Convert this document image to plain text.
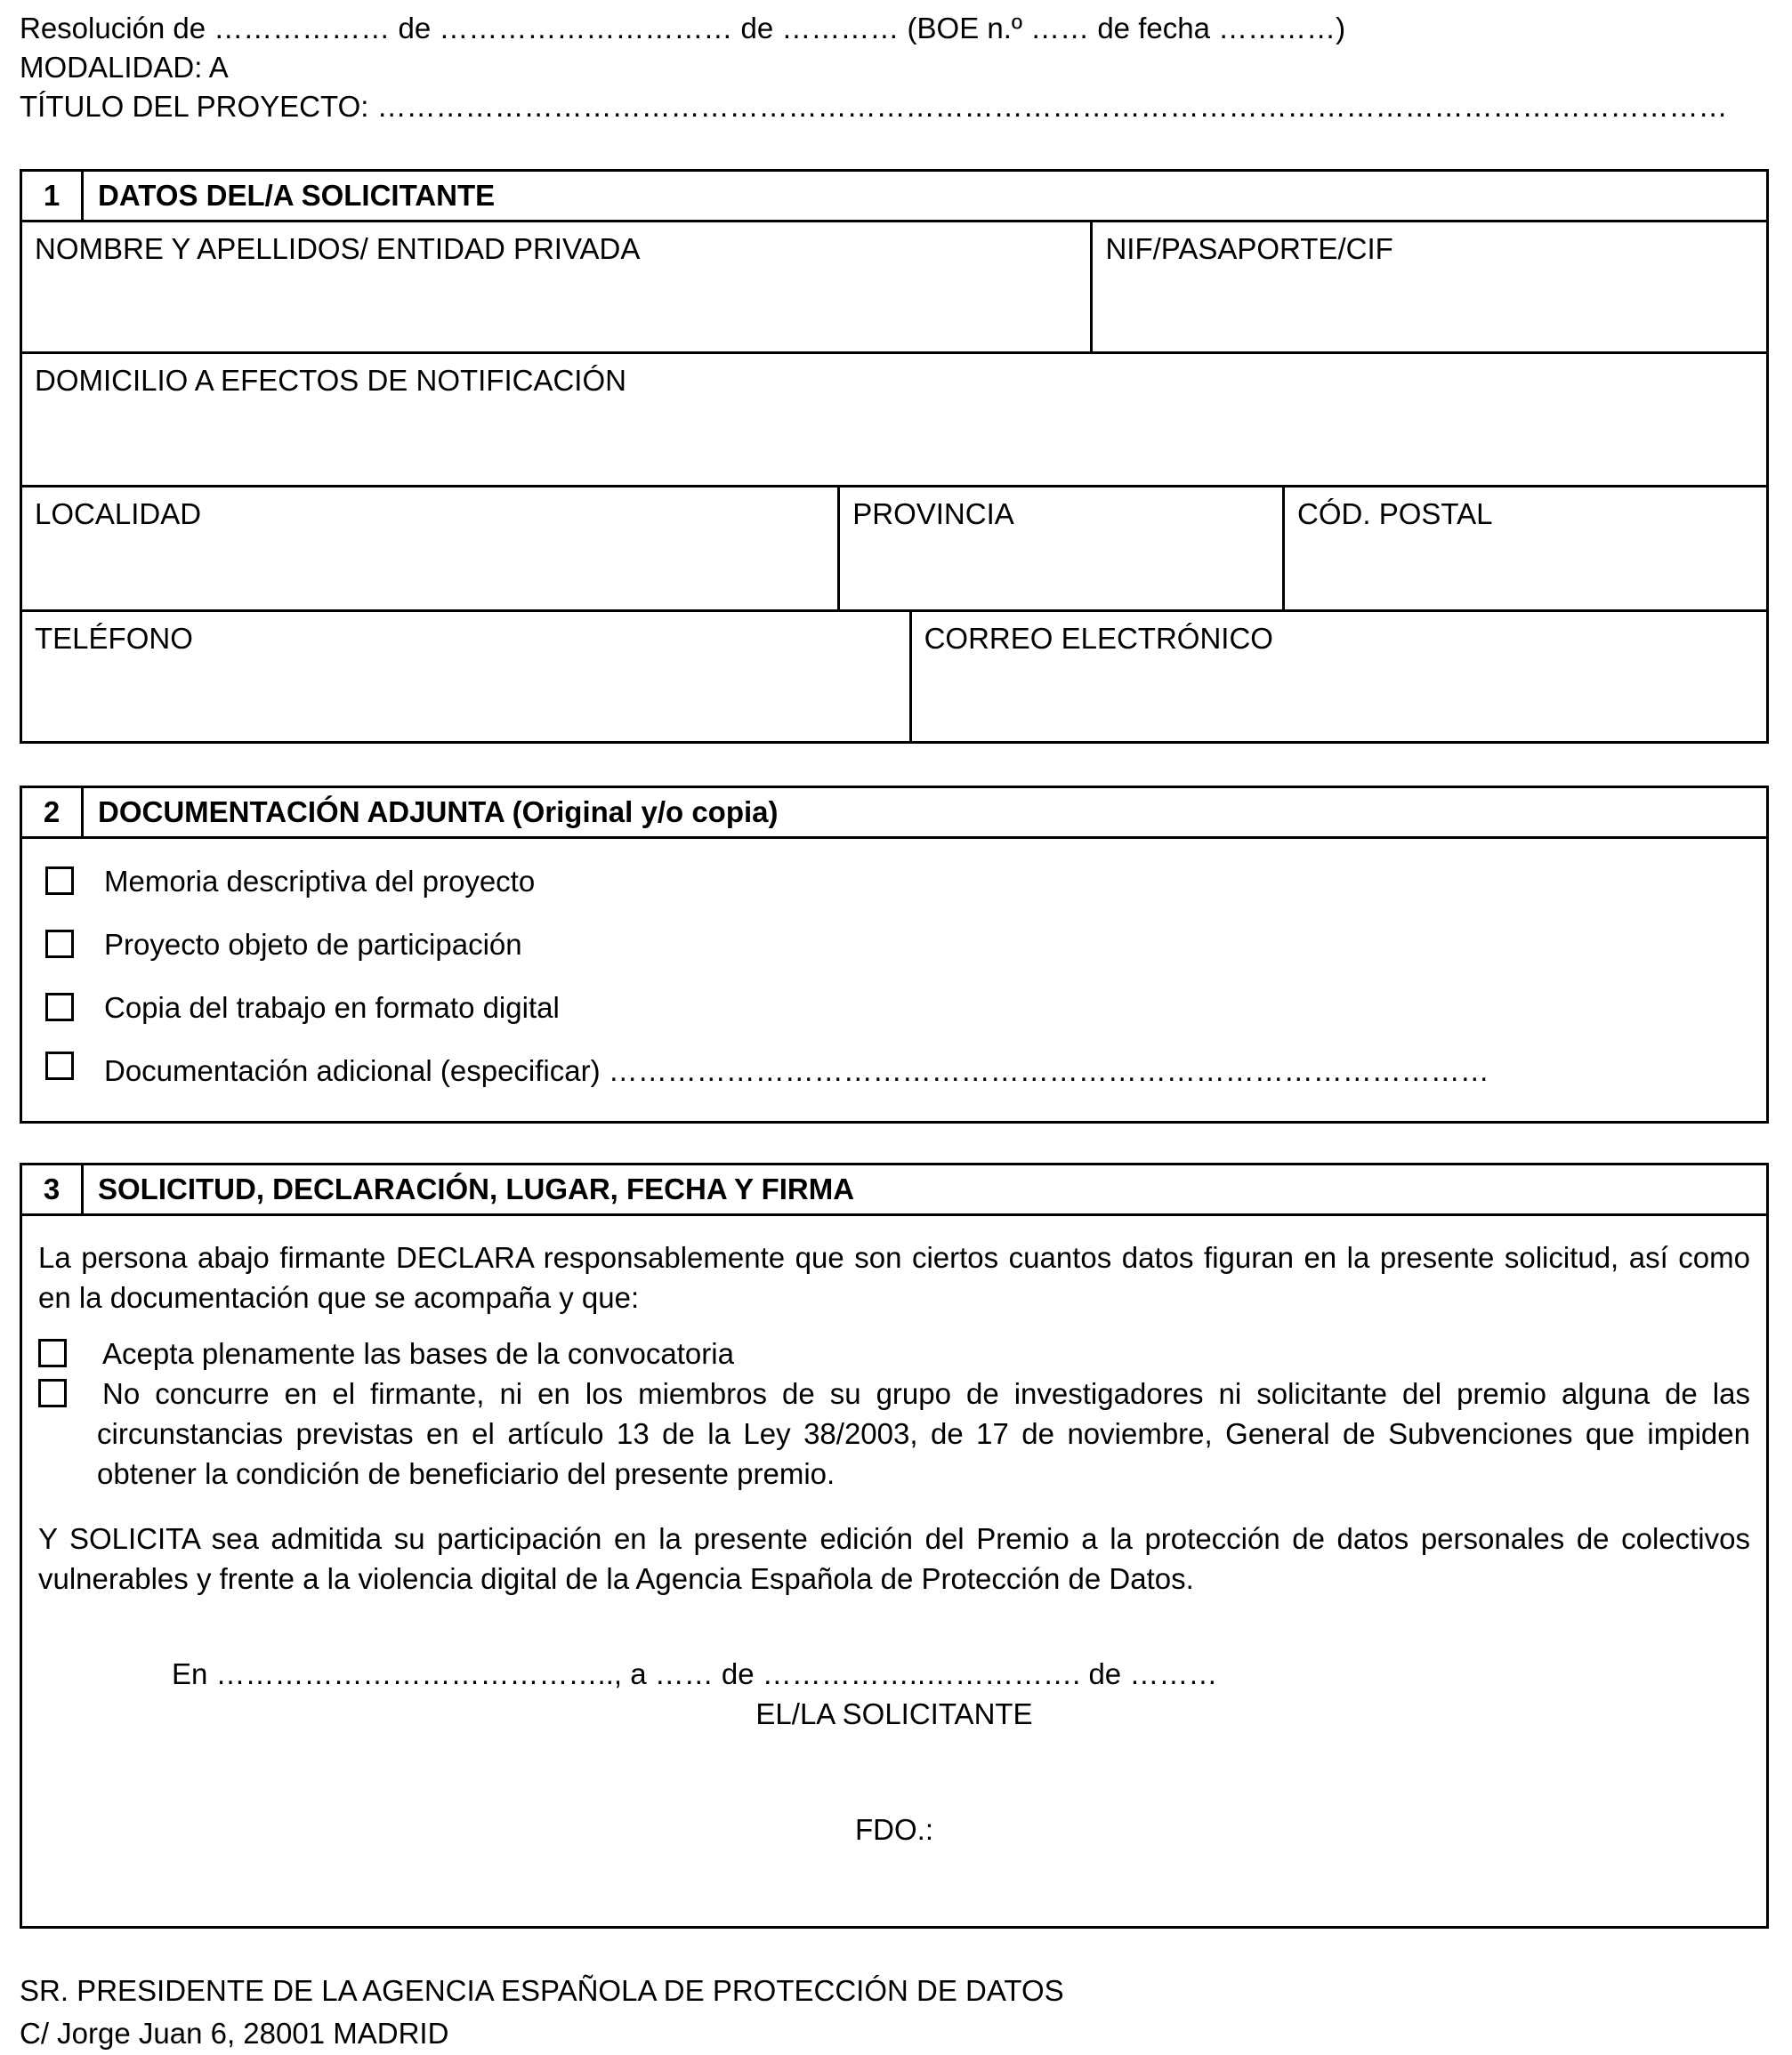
Resolución de ……………… de ………………………… de ………… (BOE n.º …… de fecha …………)
MODALIDAD: A
TÍTULO DEL PROYECTO: …………………………………………………………………………………………………………………………
1	DATOS DEL/A SOLICITANTE
NOMBRE Y APELLIDOS/ ENTIDAD PRIVADA	NIF/PASAPORTE/CIF
DOMICILIO A EFECTOS DE NOTIFICACIÓN
LOCALIDAD	PROVINCIA	CÓD. POSTAL
TELÉFONO	CORREO ELECTRÓNICO
2	DOCUMENTACIÓN ADJUNTA (Original y/o copia)
Memoria descriptiva del proyecto
Proyecto objeto de participación
Copia del trabajo en formato digital
Documentación adicional (especificar) ………………………………………………………………………………
3	SOLICITUD, DECLARACIÓN, LUGAR, FECHA Y FIRMA

La persona abajo firmante DECLARA responsablemente que son ciertos cuantos datos figuran en la presente solicitud, así como en la documentación que se acompaña y que:

Acepta plenamente las bases de la convocatoria
No concurre en el firmante, ni en los miembros de su grupo de investigadores ni solicitante del premio alguna de las circunstancias previstas en el artículo 13 de la Ley 38/2003, de 17 de noviembre, General de Subvenciones que impiden obtener la condición de beneficiario del presente premio.

Y SOLICITA sea admitida su participación en la presente edición del Premio a la protección de datos personales de colectivos vulnerables y frente a la violencia digital de la Agencia Española de Protección de Datos.

En ………………………………….., a …… de ……………..……………. de ………
EL/LA SOLICITANTE
FDO.:
SR. PRESIDENTE DE LA AGENCIA ESPAÑOLA DE PROTECCIÓN DE DATOS
C/ Jorge Juan 6, 28001 MADRID
